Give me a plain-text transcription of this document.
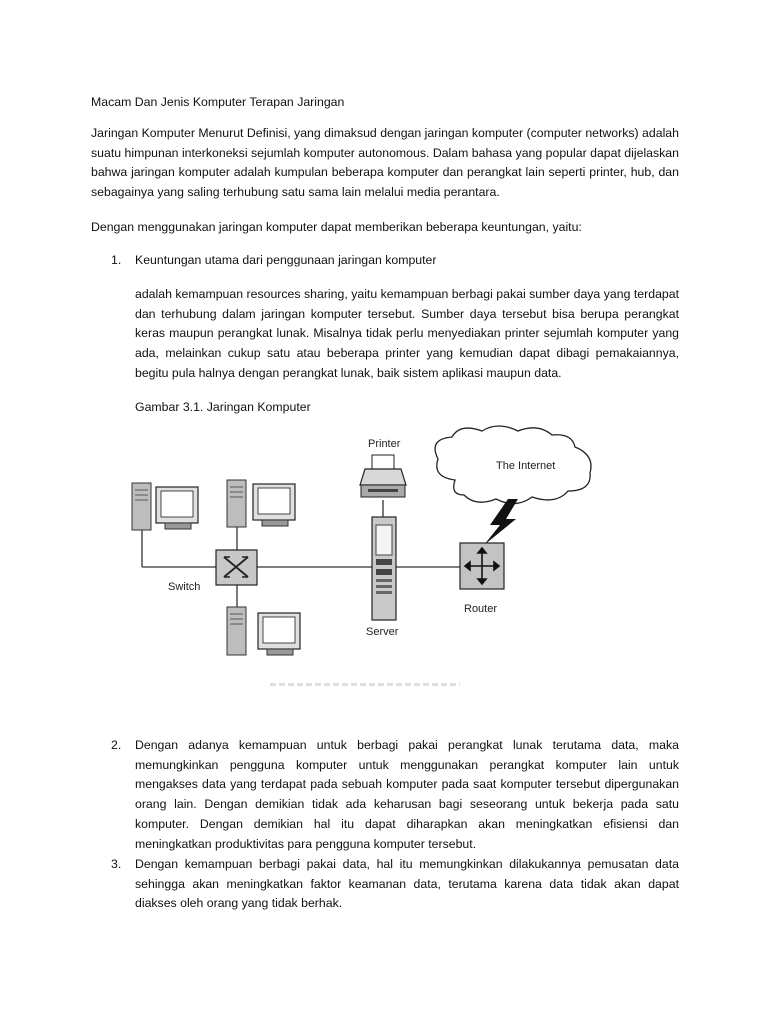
Macam Dan Jenis Komputer Terapan Jaringan

Jaringan Komputer Menurut Definisi, yang dimaksud dengan jaringan komputer (computer networks) adalah suatu himpunan interkoneksi sejumlah komputer autonomous. Dalam bahasa yang popular dapat dijelaskan bahwa jaringan komputer adalah kumpulan beberapa komputer dan perangkat lain seperti printer, hub, dan sebagainya yang saling terhubung satu sama lain melalui media perantara.

Dengan menggunakan jaringan komputer dapat memberikan beberapa keuntungan, yaitu:

1. Keuntungan utama dari penggunaan jaringan komputer

adalah kemampuan resources sharing, yaitu kemampuan berbagi pakai sumber daya yang terdapat dan terhubung dalam jaringan komputer tersebut. Sumber daya tersebut bisa berupa perangkat keras maupun perangkat lunak. Misalnya tidak perlu menyediakan printer sejumlah komputer yang ada, melainkan cukup satu atau beberapa printer yang kemudian dapat dibagi pemakaiannya, begitu pula halnya dengan perangkat lunak, baik sistem aplikasi maupun data.

Gambar 3.1. Jaringan Komputer

Switch
Printer
Server
The Internet
Router
2. Dengan adanya kemampuan untuk berbagi pakai perangkat lunak terutama data, maka memungkinkan pengguna komputer untuk menggunakan perangkat komputer lain untuk mengakses data yang terdapat pada sebuah komputer pada saat komputer tersebut dipergunakan orang lain. Dengan demikian tidak ada keharusan bagi seseorang untuk bekerja pada satu komputer. Dengan demikian hal itu dapat diharapkan akan meningkatkan efisiensi dan meningkatkan produktivitas para pengguna komputer tersebut.

3. Dengan kemampuan berbagi pakai data, hal itu memungkinkan dilakukannya pemusatan data sehingga akan meningkatkan faktor keamanan data, terutama karena data tidak akan dapat diakses oleh orang yang tidak berhak.
